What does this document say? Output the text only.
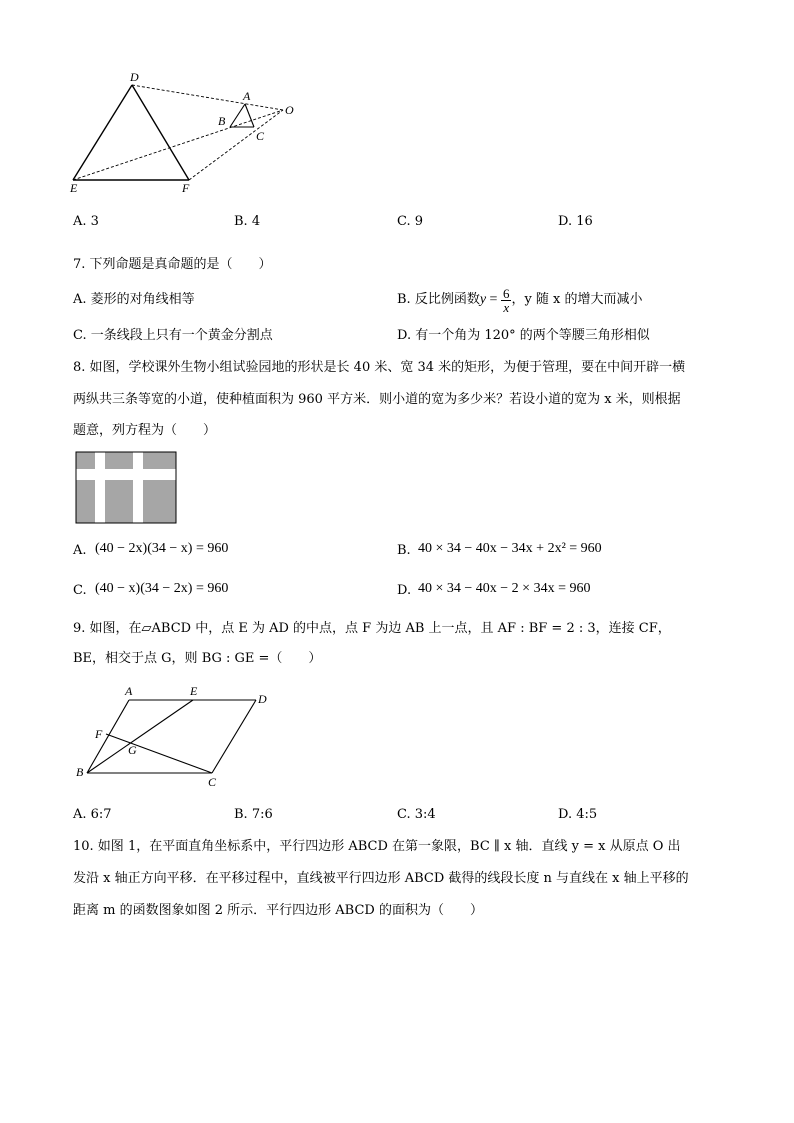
D
A
O
B
C
E	F
A. 3	B. 4	C. 9	D. 16
7. 下列命题是真命题的是（　　）
A. 菱形的对角线相等	B. 反比例函数 $y = \frac{6}{x}$ ，y 随 x 的增大而减小
C. 一条线段上只有一个黄金分割点	D. 有一个角为 120° 的两个等腰三角形相似
8. 如图，学校课外生物小组试验园地的形状是长 40 米、宽 34 米的矩形，为便于管理，要在中间开辟一横
两纵共三条等宽的小道，使种植面积为 960 平方米．则小道的宽为多少米？若设小道的宽为 x 米，则根据
题意，列方程为（　　）
A. (40 − 2x)(34 − x) = 960	B. 40 × 34 − 40x − 34x + 2x² = 960
C. (40 − x)(34 − 2x) = 960	D. 40 × 34 − 40x − 2 × 34x = 960
9. 如图，在▱ABCD 中，点 E 为 AD 的中点，点 F 为边 AB 上一点，且 AF : BF = 2 : 3，连接 CF，
BE，相交于点 G，则 BG : GE =（　　）
A	E
D
F
G
B
C
A. 6:7	B. 7:6	C. 3:4	D. 4:5
10. 如图 1，在平面直角坐标系中，平行四边形 ABCD 在第一象限，BC ∥ x 轴．直线 y = x 从原点 O 出
发沿 x 轴正方向平移．在平移过程中，直线被平行四边形 ABCD 截得的线段长度 n 与直线在 x 轴上平移的
距离 m 的函数图象如图 2 所示．平行四边形 ABCD 的面积为（　　）
